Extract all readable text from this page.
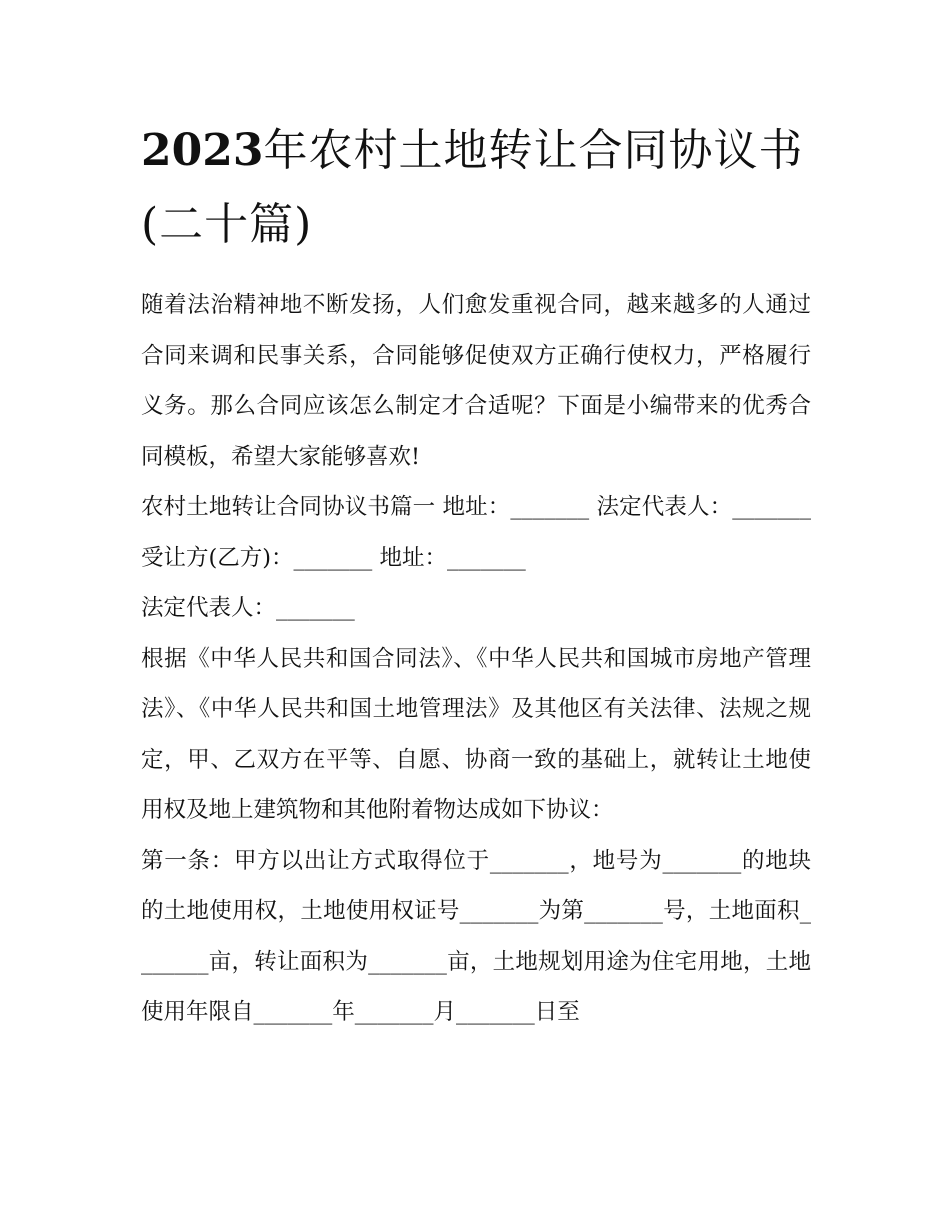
2023年农村土地转让合同协议书(二十篇)

随着法治精神地不断发扬，人们愈发重视合同，越来越多的人通过合同来调和民事关系，合同能够促使双方正确行使权力，严格履行义务。那么合同应该怎么制定才合适呢？下面是小编带来的优秀合同模板，希望大家能够喜欢!

农村土地转让合同协议书篇一 地址：_______ 法定代表人：_______ 受让方(乙方)：_______ 地址：_______

法定代表人：_______

根据《中华人民共和国合同法》、《中华人民共和国城市房地产管理法》、《中华人民共和国土地管理法》及其他区有关法律、法规之规定，甲、乙双方在平等、自愿、协商一致的基础上，就转让土地使用权及地上建筑物和其他附着物达成如下协议：

第一条：甲方以出让方式取得位于_______，地号为_______的地块的土地使用权，土地使用权证号_______为第_______号，土地面积_______亩，转让面积为_______亩，土地规划用途为住宅用地，土地使用年限自_______年_______月_______日至
